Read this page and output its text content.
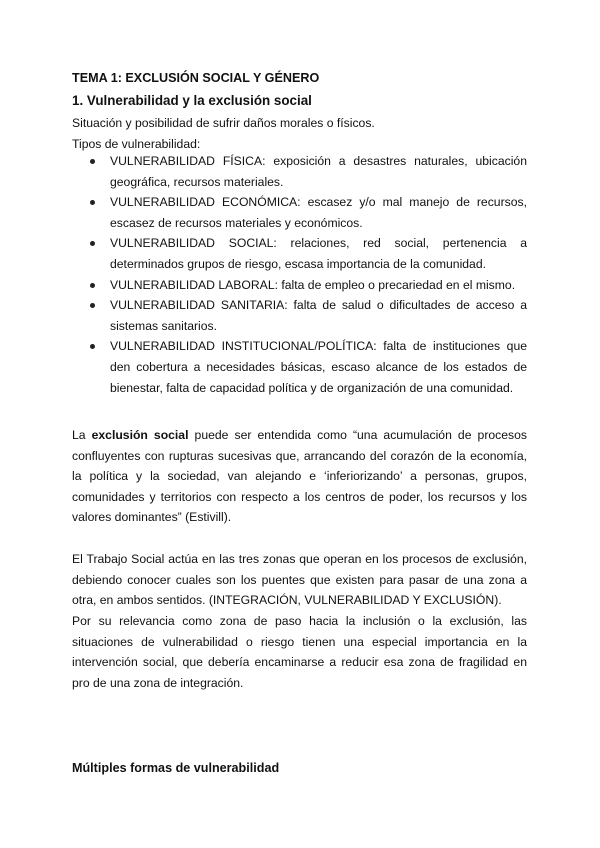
TEMA 1: EXCLUSIÓN SOCIAL Y GÉNERO
1. Vulnerabilidad y la exclusión social
Situación y posibilidad de sufrir daños morales o físicos.
Tipos de vulnerabilidad:
VULNERABILIDAD FÍSICA: exposición a desastres naturales, ubicación geográfica, recursos materiales.
VULNERABILIDAD ECONÓMICA: escasez y/o mal manejo de recursos, escasez de recursos materiales y económicos.
VULNERABILIDAD SOCIAL: relaciones, red social, pertenencia a determinados grupos de riesgo, escasa importancia de la comunidad.
VULNERABILIDAD LABORAL: falta de empleo o precariedad en el mismo.
VULNERABILIDAD SANITARIA: falta de salud o dificultades de acceso a sistemas sanitarios.
VULNERABILIDAD INSTITUCIONAL/POLÍTICA: falta de instituciones que den cobertura a necesidades básicas, escaso alcance de los estados de bienestar, falta de capacidad política y de organización de una comunidad.

La exclusión social puede ser entendida como “una acumulación de procesos confluyentes con rupturas sucesivas que, arrancando del corazón de la economía, la política y la sociedad, van alejando e ‘inferiorizando’ a personas, grupos, comunidades y territorios con respecto a los centros de poder, los recursos y los valores dominantes” (Estivill).

El Trabajo Social actúa en las tres zonas que operan en los procesos de exclusión, debiendo conocer cuales son los puentes que existen para pasar de una zona a otra, en ambos sentidos. (INTEGRACIÓN, VULNERABILIDAD Y EXCLUSIÓN).

Por su relevancia como zona de paso hacia la inclusión o la exclusión, las situaciones de vulnerabilidad o riesgo tienen una especial importancia en la intervención social, que debería encaminarse a reducir esa zona de fragilidad en pro de una zona de integración.

Múltiples formas de vulnerabilidad
